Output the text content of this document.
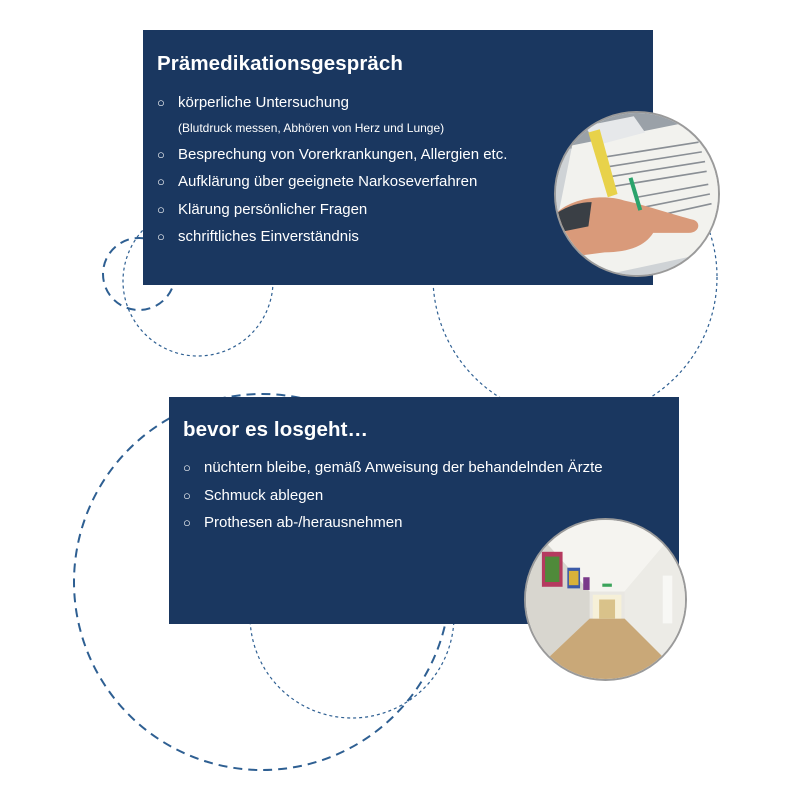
Prämedikationsgespräch
○ körperliche Untersuchung
(Blutdruck messen, Abhören von Herz und Lunge)
○ Besprechung von Vorerkrankungen, Allergien etc.
○ Aufklärung über geeignete Narkoseverfahren
○ Klärung persönlicher Fragen
○ schriftliches Einverständnis
bevor es losgeht…
○ nüchtern bleibe, gemäß Anweisung der behandelnden Ärzte
○ Schmuck ablegen
○ Prothesen ab-/herausnehmen
